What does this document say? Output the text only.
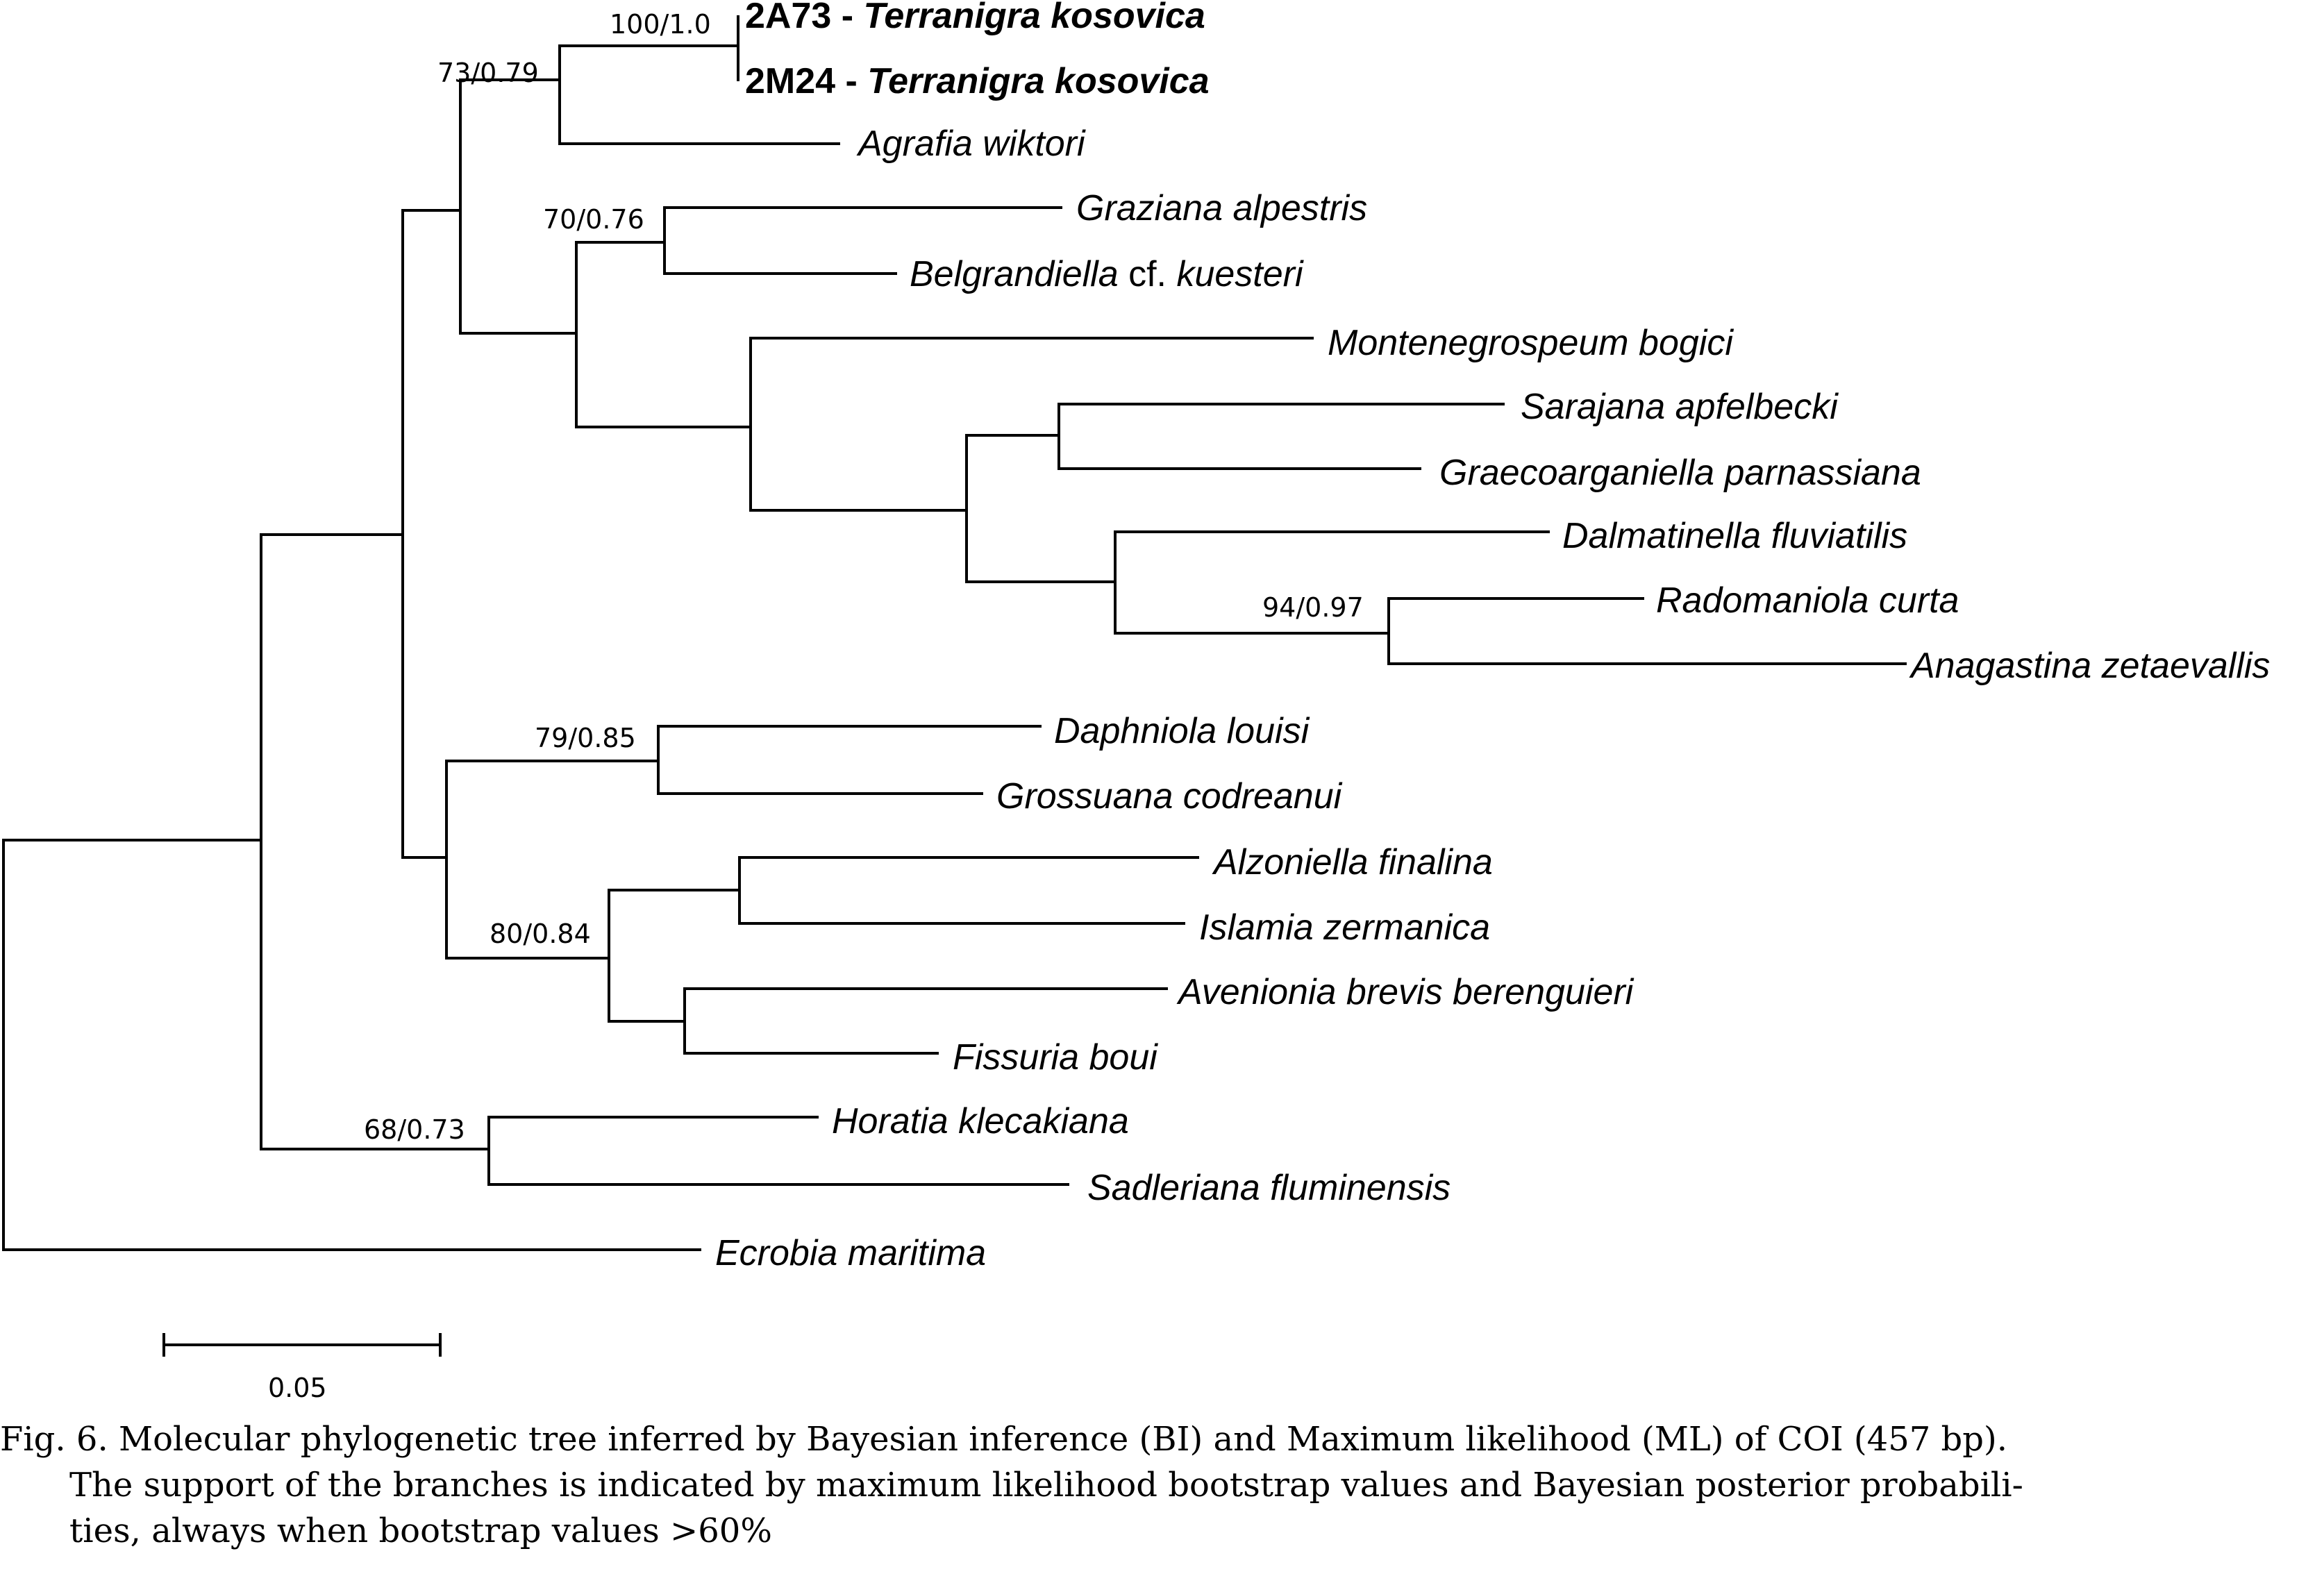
2A73 - Terranigra kosovica
2M24 - Terranigra kosovica
Agrafia wiktori
Graziana alpestris
Belgrandiella cf. kuesteri
Montenegrospeum bogici
Sarajana apfelbecki
Graecoarganiella parnassiana
Dalmatinella fluviatilis
Radomaniola curta
Anagastina zetaevallis
Daphniola louisi
Grossuana codreanui
Alzoniella finalina
Islamia zermanica
Avenionia brevis berenguieri
Fissuria boui
Horatia klecakiana
Sadleriana fluminensis
Ecrobia maritima
100/1.0
73/0.79
70/0.76
94/0.97
79/0.85
80/0.84
68/0.73
0.05
Fig. 6. Molecular phylogenetic tree inferred by Bayesian inference (BI) and Maximum likelihood (ML) of COI (457 bp).
The support of the branches is indicated by maximum likelihood bootstrap values and Bayesian posterior probabili-
ties, always when bootstrap values >60%
